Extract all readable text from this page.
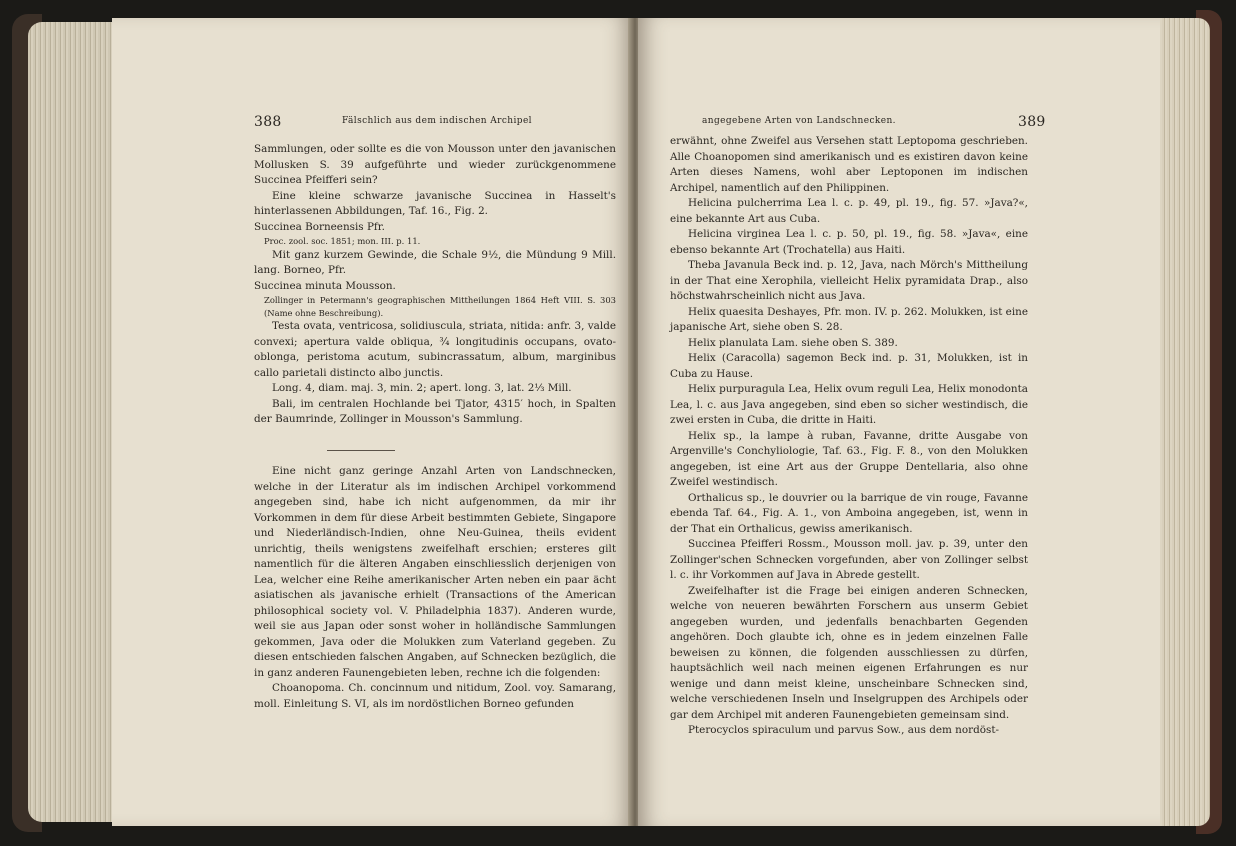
388	Fälschlich aus dem indischen Archipel

Sammlungen, oder sollte es die von Mousson unter den javanischen Mollusken S. 39 aufgeführte und wieder zurückgenommene Succinea Pfeifferi sein?

Eine kleine schwarze javanische Succinea in Hasselt's hinterlassenen Abbildungen, Taf. 16., Fig. 2.

Succinea Borneensis Pfr.

Proc. zool. soc. 1851; mon. III. p. 11.

Mit ganz kurzem Gewinde, die Schale 9½, die Mündung 9 Mill. lang. Borneo, Pfr.

Succinea minuta Mousson.

Zollinger in Petermann's geographischen Mittheilungen 1864 Heft VIII. S. 303 (Name ohne Beschreibung).

Testa ovata, ventricosa, solidiuscula, striata, nitida: anfr. 3, valde convexi; apertura valde obliqua, ¾ longitudinis occupans, ovato-oblonga, peristoma acutum, subincrassatum, album, marginibus callo parietali distincto albo junctis.

Long. 4, diam. maj. 3, min. 2; apert. long. 3, lat. 2⅓ Mill.

Bali, im centralen Hochlande bei Tjator, 4315′ hoch, in Spalten der Baumrinde, Zollinger in Mousson's Sammlung.

Eine nicht ganz geringe Anzahl Arten von Landschnecken, welche in der Literatur als im indischen Archipel vorkommend angegeben sind, habe ich nicht aufgenommen, da mir ihr Vorkommen in dem für diese Arbeit bestimmten Gebiete, Singapore und Niederländisch-Indien, ohne Neu-Guinea, theils evident unrichtig, theils wenigstens zweifelhaft erschien; ersteres gilt namentlich für die älteren Angaben einschliesslich derjenigen von Lea, welcher eine Reihe amerikanischer Arten neben ein paar ächt asiatischen als javanische erhielt (Transactions of the American philosophical society vol. V. Philadelphia 1837). Anderen wurde, weil sie aus Japan oder sonst woher in holländische Sammlungen gekommen, Java oder die Molukken zum Vaterland gegeben. Zu diesen entschieden falschen Angaben, auf Schnecken bezüglich, die in ganz anderen Faunengebieten leben, rechne ich die folgenden:

Choanopoma. Ch. concinnum und nitidum, Zool. voy. Samarang, moll. Einleitung S. VI, als im nordöstlichen Borneo gefunden

angegebene Arten von Landschnecken.	389

erwähnt, ohne Zweifel aus Versehen statt Leptopoma geschrieben. Alle Choanopomen sind amerikanisch und es existiren davon keine Arten dieses Namens, wohl aber Leptoponen im indischen Archipel, namentlich auf den Philippinen.

Helicina pulcherrima Lea l. c. p. 49, pl. 19., fig. 57. »Java?«, eine bekannte Art aus Cuba.

Helicina virginea Lea l. c. p. 50, pl. 19., fig. 58. »Java«, eine ebenso bekannte Art (Trochatella) aus Haiti.

Theba Javanula Beck ind. p. 12, Java, nach Mörch's Mittheilung in der That eine Xerophila, vielleicht Helix pyramidata Drap., also höchstwahrscheinlich nicht aus Java.

Helix quaesita Deshayes, Pfr. mon. IV. p. 262. Molukken, ist eine japanische Art, siehe oben S. 28.

Helix planulata Lam. siehe oben S. 389.

Helix (Caracolla) sagemon Beck ind. p. 31, Molukken, ist in Cuba zu Hause.

Helix purpuragula Lea, Helix ovum reguli Lea, Helix monodonta Lea, l. c. aus Java angegeben, sind eben so sicher westindisch, die zwei ersten in Cuba, die dritte in Haiti.

Helix sp., la lampe à ruban, Favanne, dritte Ausgabe von Argenville's Conchyliologie, Taf. 63., Fig. F. 8., von den Molukken angegeben, ist eine Art aus der Gruppe Dentellaria, also ohne Zweifel westindisch.

Orthalicus sp., le douvrier ou la barrique de vin rouge, Favanne ebenda Taf. 64., Fig. A. 1., von Amboina angegeben, ist, wenn in der That ein Orthalicus, gewiss amerikanisch.

Succinea Pfeifferi Rossm., Mousson moll. jav. p. 39, unter den Zollinger'schen Schnecken vorgefunden, aber von Zollinger selbst l. c. ihr Vorkommen auf Java in Abrede gestellt.

Zweifelhafter ist die Frage bei einigen anderen Schnecken, welche von neueren bewährten Forschern aus unserm Gebiet angegeben wurden, und jedenfalls benachbarten Gegenden angehören. Doch glaubte ich, ohne es in jedem einzelnen Falle beweisen zu können, die folgenden ausschliessen zu dürfen, hauptsächlich weil nach meinen eigenen Erfahrungen es nur wenige und dann meist kleine, unscheinbare Schnecken sind, welche verschiedenen Inseln und Inselgruppen des Archipels oder gar dem Archipel mit anderen Faunengebieten gemeinsam sind.

Pterocyclos spiraculum und parvus Sow., aus dem nordöst-
